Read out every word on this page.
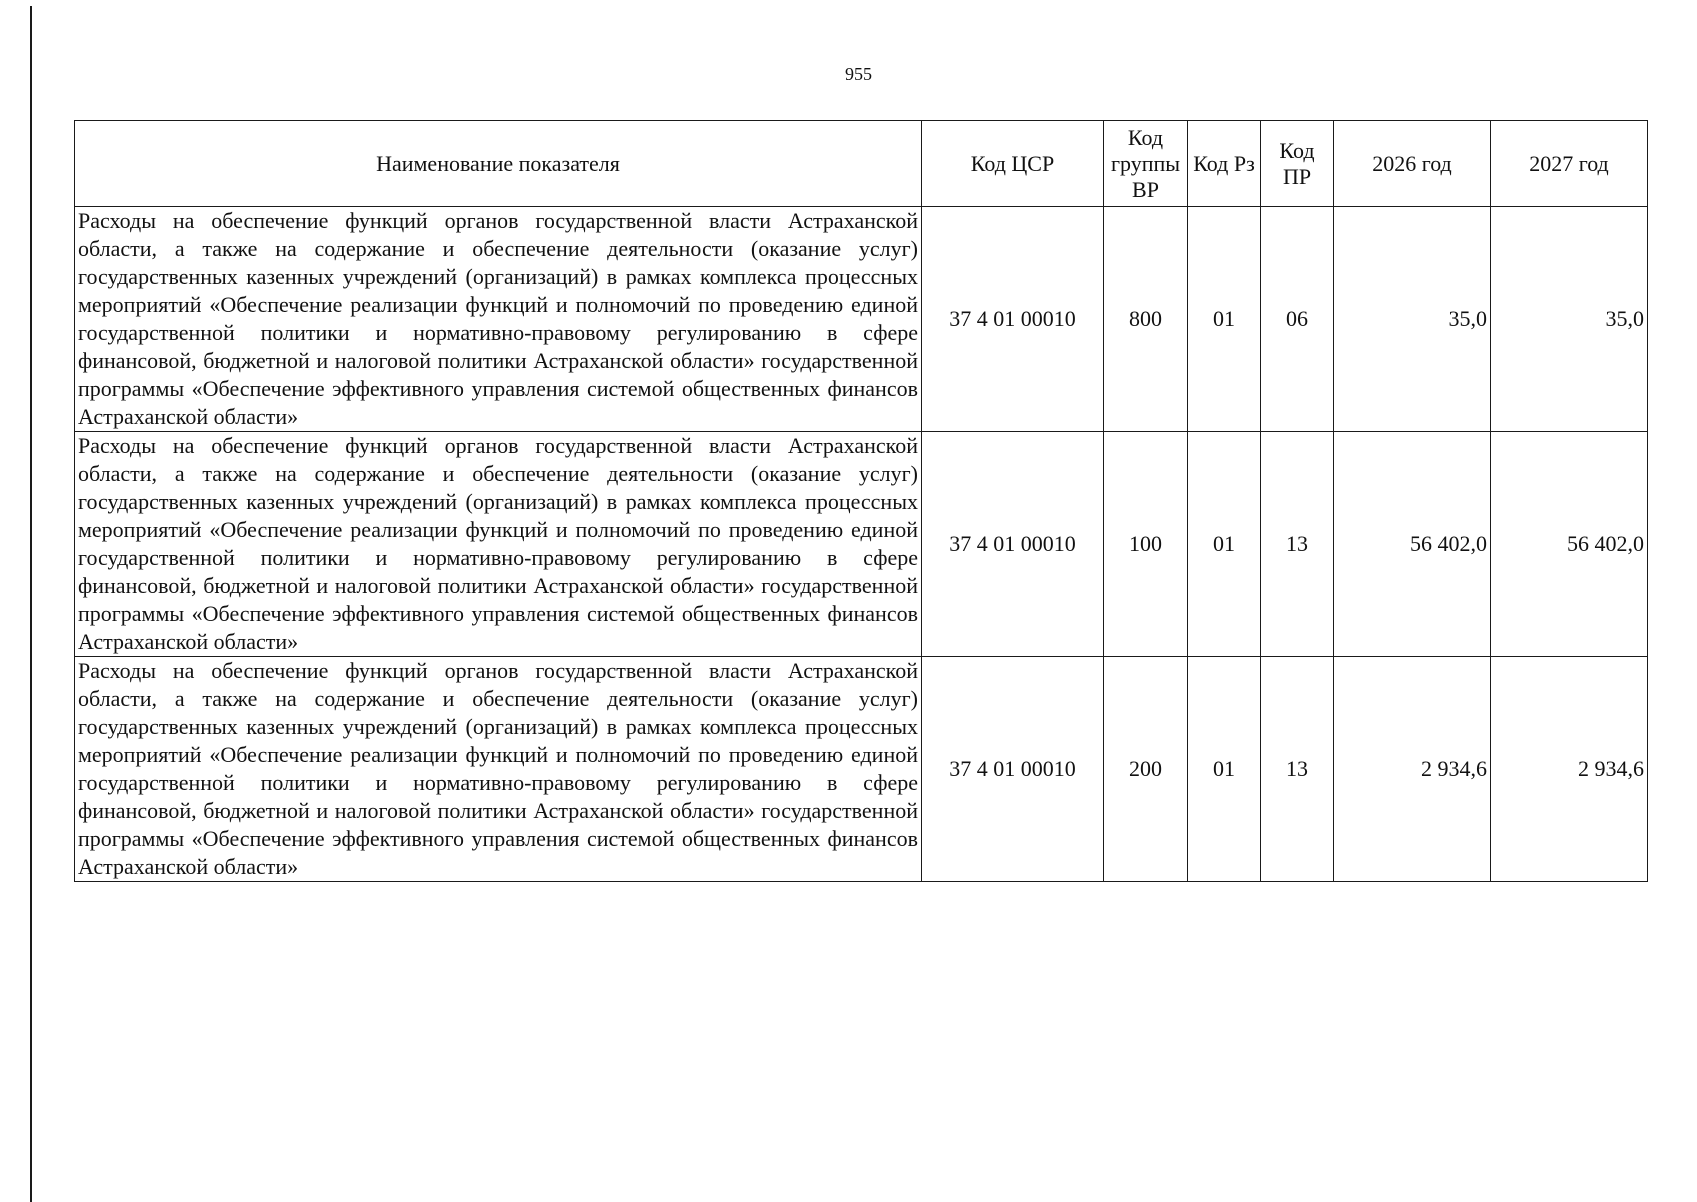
955
Наименование показателя	Код ЦСР	Код группы ВР	Код Рз	Код ПР	2026 год	2027 год
Расходы на обеспечение функций органов государственной власти Астраханской области, а также на содержание и обеспечение деятельности (оказание услуг) государственных казенных учреждений (организаций) в рамках комплекса процессных мероприятий «Обеспечение реализации функций и полномочий по проведению единой государственной политики и нормативно-правовому регулированию в сфере финансовой, бюджетной и налоговой политики Астраханской области» государственной программы «Обеспечение эффективного управления системой общественных финансов Астраханской области»	37 4 01 00010	800	01	06	35,0	35,0
Расходы на обеспечение функций органов государственной власти Астраханской области, а также на содержание и обеспечение деятельности (оказание услуг) государственных казенных учреждений (организаций) в рамках комплекса процессных мероприятий «Обеспечение реализации функций и полномочий по проведению единой государственной политики и нормативно-правовому регулированию в сфере финансовой, бюджетной и налоговой политики Астраханской области» государственной программы «Обеспечение эффективного управления системой общественных финансов Астраханской области»	37 4 01 00010	100	01	13	56 402,0	56 402,0
Расходы на обеспечение функций органов государственной власти Астраханской области, а также на содержание и обеспечение деятельности (оказание услуг) государственных казенных учреждений (организаций) в рамках комплекса процессных мероприятий «Обеспечение реализации функций и полномочий по проведению единой государственной политики и нормативно-правовому регулированию в сфере финансовой, бюджетной и налоговой политики Астраханской области» государственной программы «Обеспечение эффективного управления системой общественных финансов Астраханской области»	37 4 01 00010	200	01	13	2 934,6	2 934,6
